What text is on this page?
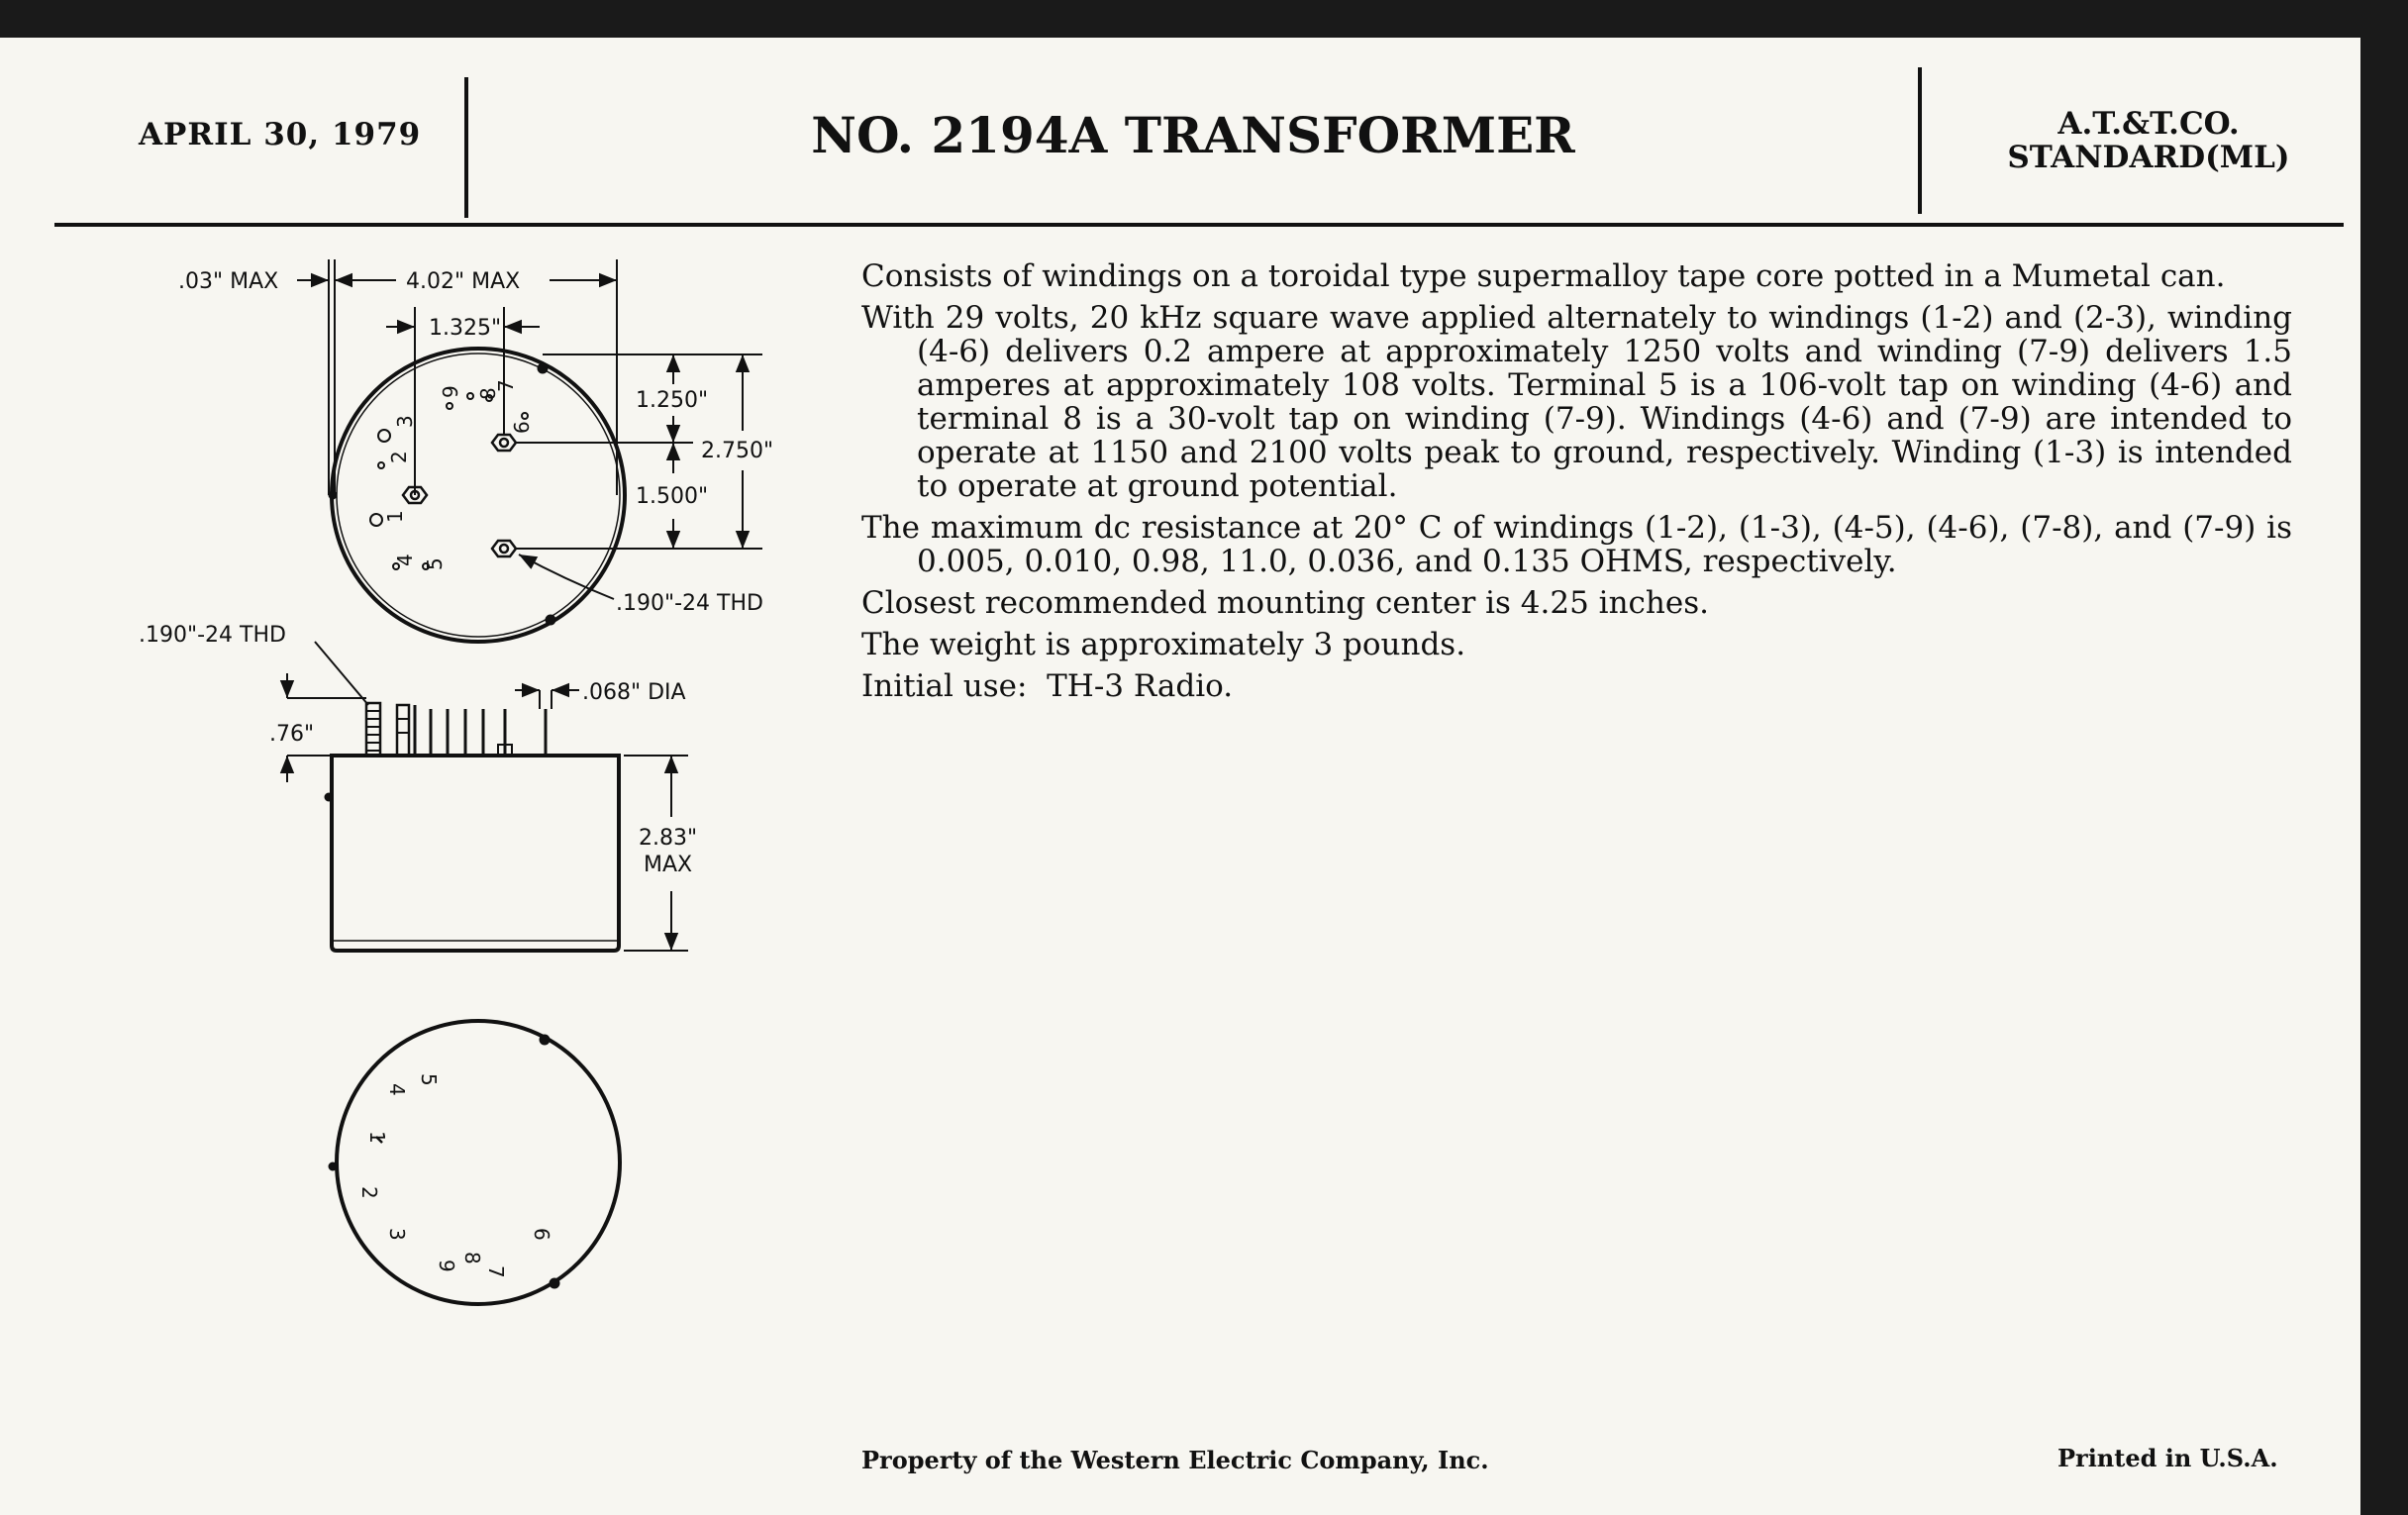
APRIL 30, 1979	NO. 2194A TRANSFORMER	A.T.&T.CO.
STANDARD(ML)
9 8
7
6
3
2
1
4 5
.03" MAX	4.02" MAX
1.325"
1.250"
2.750"
1.500"
.190"-24 THD
.190"-24 THD
.068" DIA
.76"
2.83"
MAX
5
4
1
2
3
9
8
7
6

Consists of windings on a toroidal type supermalloy tape core potted in a Mumetal can.

With 29 volts, 20 kHz square wave applied alternately to windings (1-2) and (2-3), winding (4-6) delivers 0.2 ampere at approximately 1250 volts and winding (7-9) delivers 1.5 amperes at approximately 108 volts. Terminal 5 is a 106-volt tap on winding (4-6) and terminal 8 is a 30-volt tap on winding (7-9). Windings (4-6) and (7-9) are intended to operate at 1150 and 2100 volts peak to ground, respectively. Winding (1-3) is intended to operate at ground potential.

The maximum dc resistance at 20° C of windings (1-2), (1-3), (4-5), (4-6), (7-8), and (7-9) is 0.005, 0.010, 0.98, 11.0, 0.036, and 0.135 OHMS, respectively.

Closest recommended mounting center is 4.25 inches.

The weight is approximately 3 pounds.

Initial use:  TH-3 Radio.

Property of the Western Electric Company, Inc.	Printed in U.S.A.
